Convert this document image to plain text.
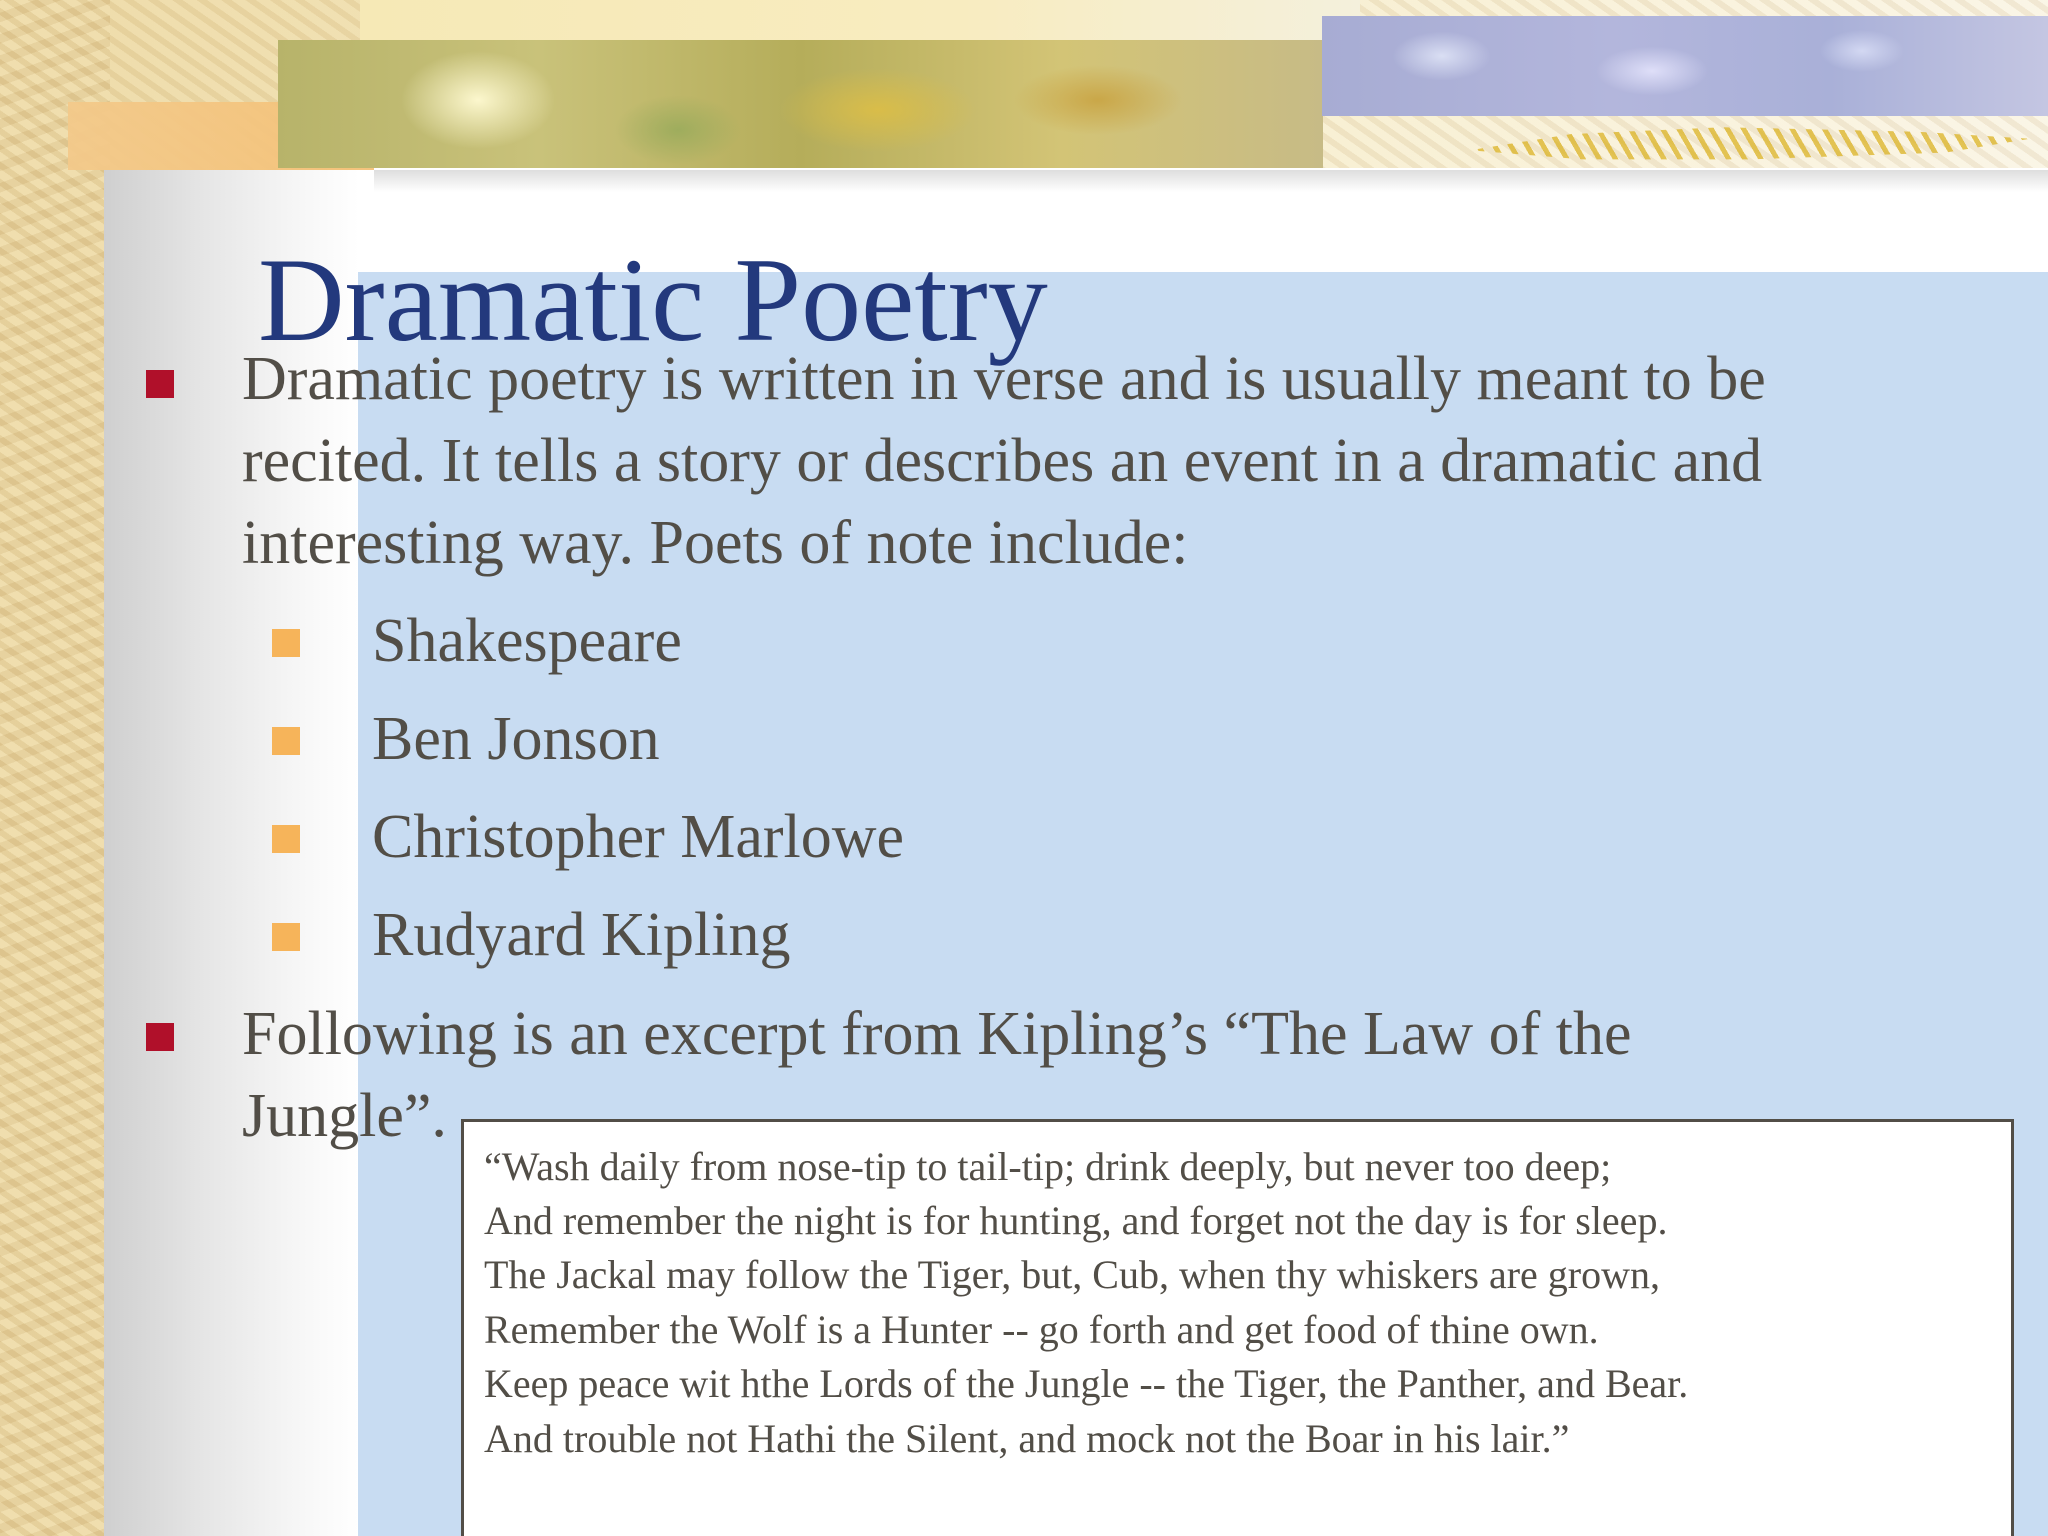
Dramatic Poetry

Dramatic poetry is written in verse and is usually meant to be recited. It tells a story or describes an event in a dramatic and interesting way. Poets of note include:

Shakespeare

Ben Jonson

Christopher Marlowe

Rudyard Kipling

Following is an excerpt from Kipling’s “The Law of the Jungle”.

“Wash daily from nose-tip to tail-tip; drink deeply, but never too deep;

And remember the night is for hunting, and forget not the day is for sleep.

The Jackal may follow the Tiger, but, Cub, when thy whiskers are grown,

Remember the Wolf is a Hunter -- go forth and get food of thine own.

Keep peace wit hthe Lords of the Jungle -- the Tiger, the Panther, and Bear.

And trouble not Hathi the Silent, and mock not the Boar in his lair.”
